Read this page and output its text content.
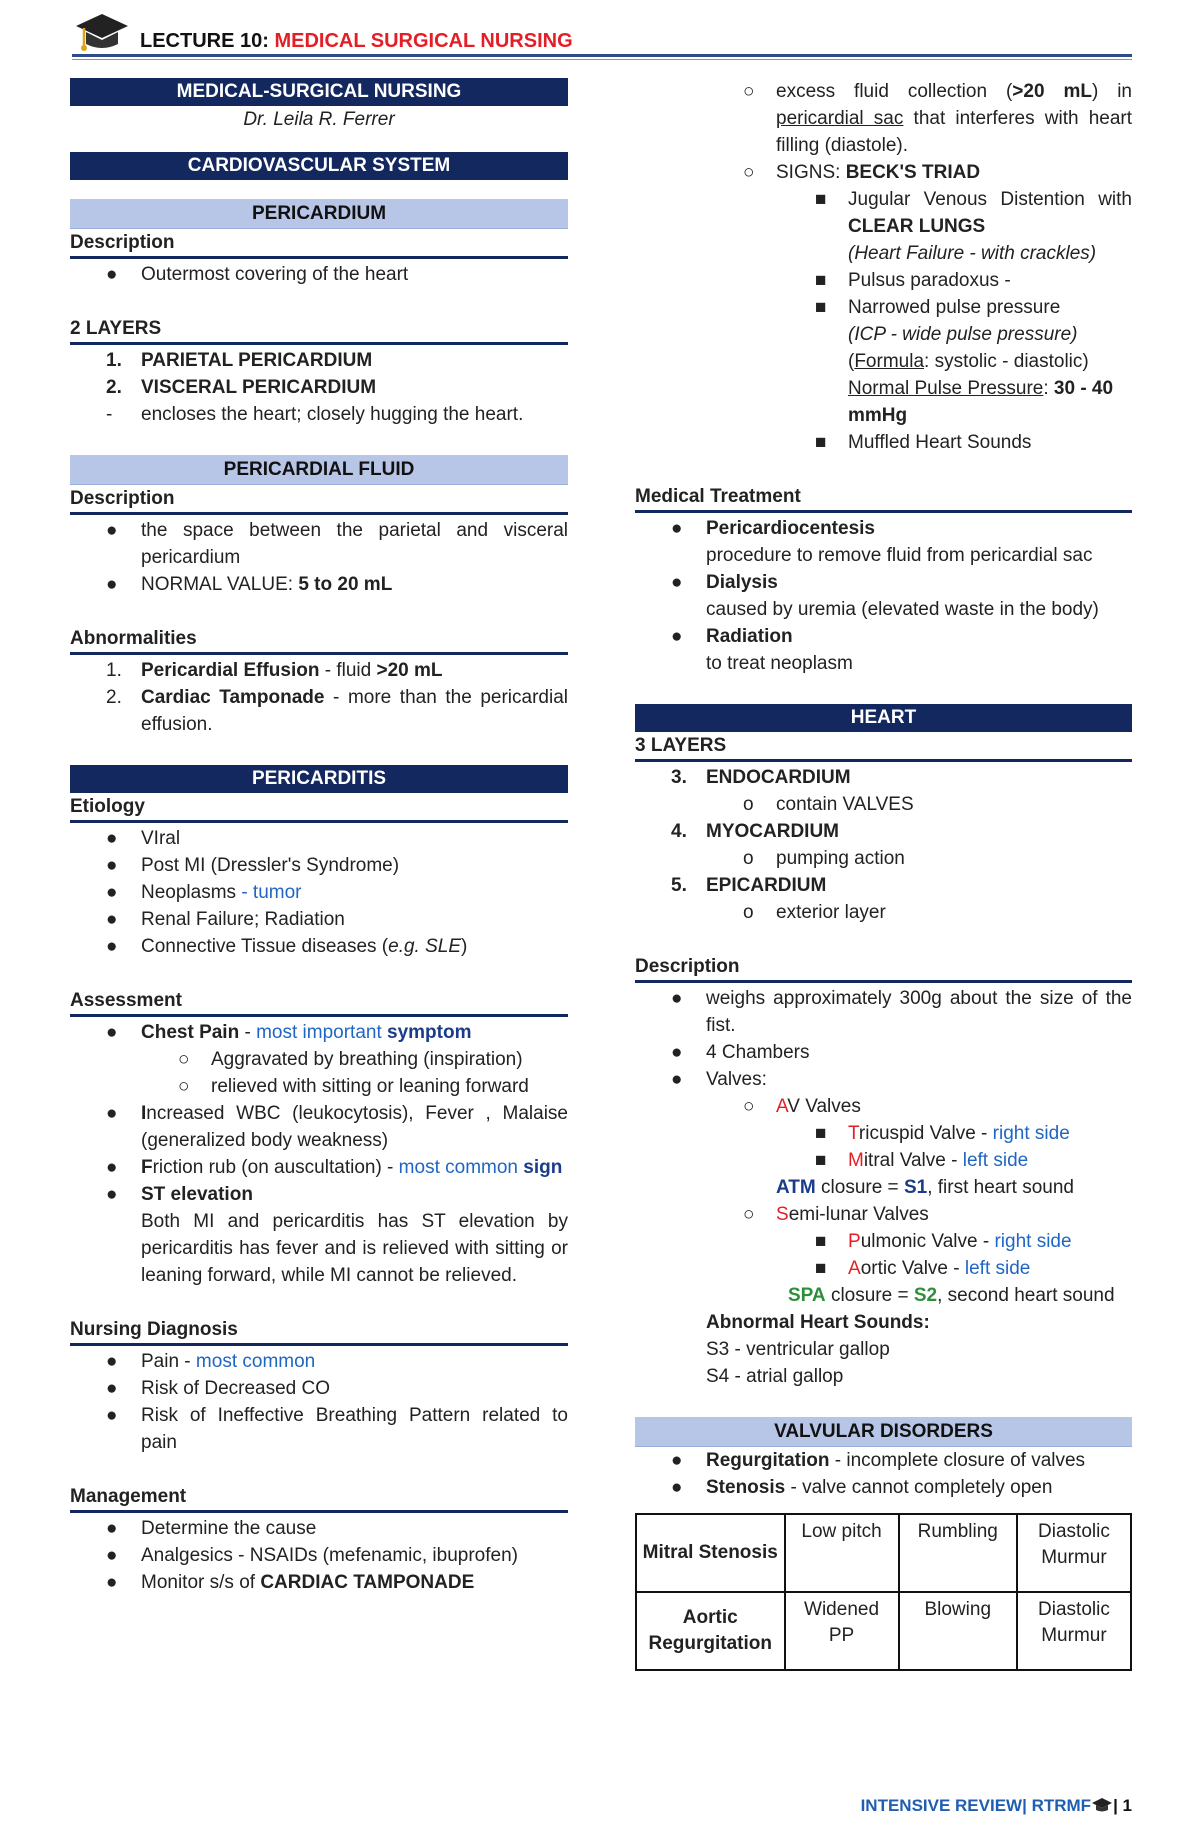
LECTURE 10: MEDICAL SURGICAL NURSING
MEDICAL-SURGICAL NURSING
Dr. Leila R. Ferrer
CARDIOVASCULAR SYSTEM
PERICARDIUM
Description
● Outermost covering of the heart
2 LAYERS
1. PARIETAL PERICARDIUM
2. VISCERAL PERICARDIUM
- encloses the heart; closely hugging the heart.
PERICARDIAL FLUID
Description
● the space between the parietal and visceral pericardium
● NORMAL VALUE: 5 to 20 mL
Abnormalities
1. Pericardial Effusion - fluid >20 mL
2. Cardiac Tamponade - more than the pericardial effusion.
PERICARDITIS
Etiology
● VIral
● Post MI (Dressler's Syndrome)
● Neoplasms - tumor
● Renal Failure; Radiation
● Connective Tissue diseases (e.g. SLE)
Assessment
● Chest Pain - most important symptom
○ Aggravated by breathing (inspiration)
○ relieved with sitting or leaning forward
● Increased WBC (leukocytosis), Fever , Malaise (generalized body weakness)
● Friction rub (on auscultation) - most common sign
● ST elevation
Both MI and pericarditis has ST elevation by pericarditis has fever and is relieved with sitting or leaning forward, while MI cannot be relieved.
Nursing Diagnosis
● Pain - most common
● Risk of Decreased CO
● Risk of Ineffective Breathing Pattern related to pain
Management
● Determine the cause
● Analgesics - NSAIDs (mefenamic, ibuprofen)
● Monitor s/s of CARDIAC TAMPONADE
○ excess fluid collection (>20 mL) in pericardial sac that interferes with heart filling (diastole).
○ SIGNS: BECK'S TRIAD
■ Jugular Venous Distention with CLEAR LUNGS
(Heart Failure - with crackles)
■ Pulsus paradoxus -
■ Narrowed pulse pressure
(ICP - wide pulse pressure)
(Formula: systolic - diastolic)
Normal Pulse Pressure: 30 - 40 mmHg
■ Muffled Heart Sounds
Medical Treatment
● Pericardiocentesis
procedure to remove fluid from pericardial sac
● Dialysis
caused by uremia (elevated waste in the body)
● Radiation
to treat neoplasm
HEART
3 LAYERS
3. ENDOCARDIUM
o contain VALVES
4. MYOCARDIUM
o pumping action
5. EPICARDIUM
o exterior layer
Description
● weighs approximately 300g about the size of the fist.
● 4 Chambers
● Valves:
○ AV Valves
■ Tricuspid Valve - right side
■ Mitral Valve - left side
ATM closure = S1, first heart sound
○ Semi-lunar Valves
■ Pulmonic Valve - right side
■ Aortic Valve - left side
SPA closure = S2, second heart sound
Abnormal Heart Sounds:
S3 - ventricular gallop
S4 - atrial gallop
VALVULAR DISORDERS
● Regurgitation - incomplete closure of valves
● Stenosis - valve cannot completely open
Mitral Stenosis	Low pitch	Rumbling	Diastolic Murmur
Aortic Regurgitation	Widened PP	Blowing	Diastolic Murmur
INTENSIVE REVIEW| RTRMF | 1
